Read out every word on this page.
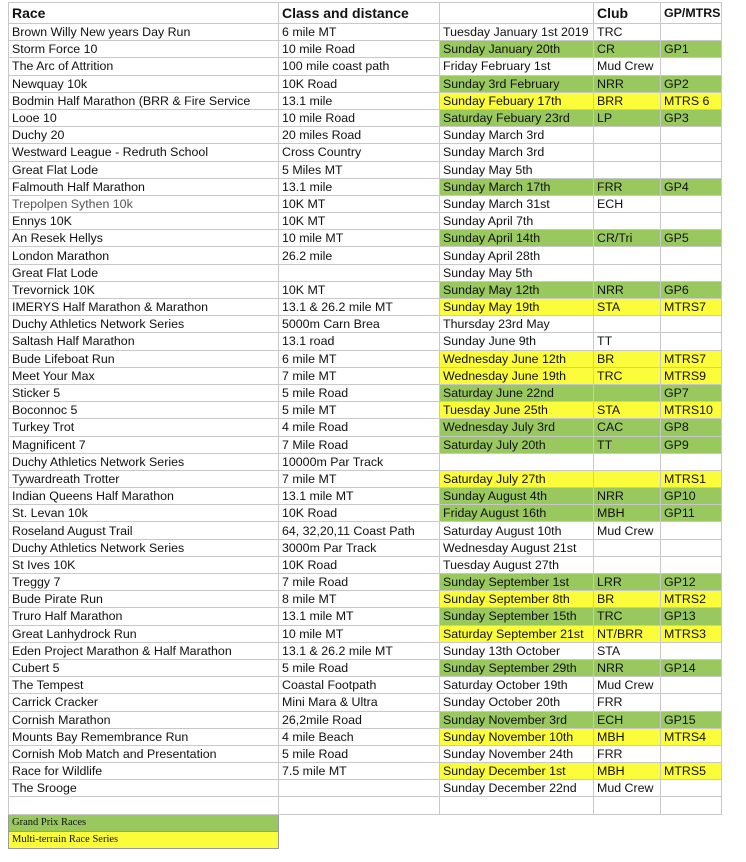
Race	Class and distance		Club	GP/MTRS
Brown Willy New years Day Run	6 mile MT	Tuesday January 1st 2019	TRC	
Storm Force 10	10 mile Road	Sunday January 20th	CR	GP1
The Arc of Attrition	100 mile coast path	Friday February 1st	Mud Crew	
Newquay 10k	10K Road	Sunday 3rd February	NRR	GP2
Bodmin Half Marathon (BRR & Fire Service	13.1 mile	Sunday Febuary 17th	BRR	MTRS 6
Looe 10	10 mile Road	Saturday Febuary 23rd	LP	GP3
Duchy 20	20 miles Road	Sunday March 3rd		
Westward League - Redruth School	Cross Country	Sunday March 3rd		
Great Flat Lode	5 Miles MT	Sunday May 5th		
Falmouth Half Marathon	13.1 mile	Sunday March 17th	FRR	GP4
Trepolpen Sythen 10k	10K MT	Sunday March 31st	ECH	
Ennys 10K	10K MT	Sunday April 7th		
An Resek Hellys	10 mile MT	Sunday April 14th	CR/Tri	GP5
London Marathon	26.2 mile	Sunday April 28th		
Great Flat Lode		Sunday May 5th		
Trevornick 10K	10K MT	Sunday May 12th	NRR	GP6
IMERYS Half Marathon & Marathon	13.1 & 26.2 mile MT	Sunday May 19th	STA	MTRS7
Duchy Athletics Network Series	5000m Carn Brea	Thursday 23rd May		
Saltash Half Marathon	13.1 road	Sunday June 9th	TT	
Bude Lifeboat Run	6 mile MT	Wednesday June 12th	BR	MTRS7
Meet Your Max	7 mile MT	Wednesday June 19th	TRC	MTRS9
Sticker 5	5 mile Road	Saturday June 22nd		GP7
Boconnoc 5	5 mile MT	Tuesday June 25th	STA	MTRS10
Turkey Trot	4 mile Road	Wednesday July 3rd	CAC	GP8
Magnificent 7	7 Mile Road	Saturday July 20th	TT	GP9
Duchy Athletics Network Series	10000m Par Track			
Tywardreath Trotter	7 mile MT	Saturday July 27th		MTRS1
Indian Queens Half Marathon	13.1 mile MT	Sunday August 4th	NRR	GP10
St. Levan 10k	10K Road	Friday August 16th	MBH	GP11
Roseland August Trail	64, 32,20,11 Coast Path	Saturday August 10th	Mud Crew	
Duchy Athletics Network Series	3000m Par Track	Wednesday August 21st		
St Ives 10K	10K Road	Tuesday August 27th		
Treggy 7	7 mile Road	Sunday September 1st	LRR	GP12
Bude Pirate Run	8 mile MT	Sunday September 8th	BR	MTRS2
Truro Half Marathon	13.1 mile MT	Sunday September 15th	TRC	GP13
Great Lanhydrock Run	10 mile MT	Saturday September 21st	NT/BRR	MTRS3
Eden Project Marathon & Half Marathon	13.1 & 26.2 mile MT	Sunday 13th October	STA	
Cubert 5	5 mile Road	Sunday September 29th	NRR	GP14
The Tempest	Coastal Footpath	Saturday October 19th	Mud Crew	
Carrick Cracker	Mini Mara & Ultra	Sunday October 20th	FRR	
Cornish Marathon	26,2mile Road	Sunday November 3rd	ECH	GP15
Mounts Bay Remembrance Run	4 mile Beach	Sunday November 10th	MBH	MTRS4
Cornish Mob Match and Presentation	5 mile Road	Sunday November 24th	FRR	
Race for Wildlife	7.5 mile MT	Sunday December 1st	MBH	MTRS5
The Srooge		Sunday December 22nd	Mud Crew	

Grand Prix Races				
Multi-terrain Race Series				
